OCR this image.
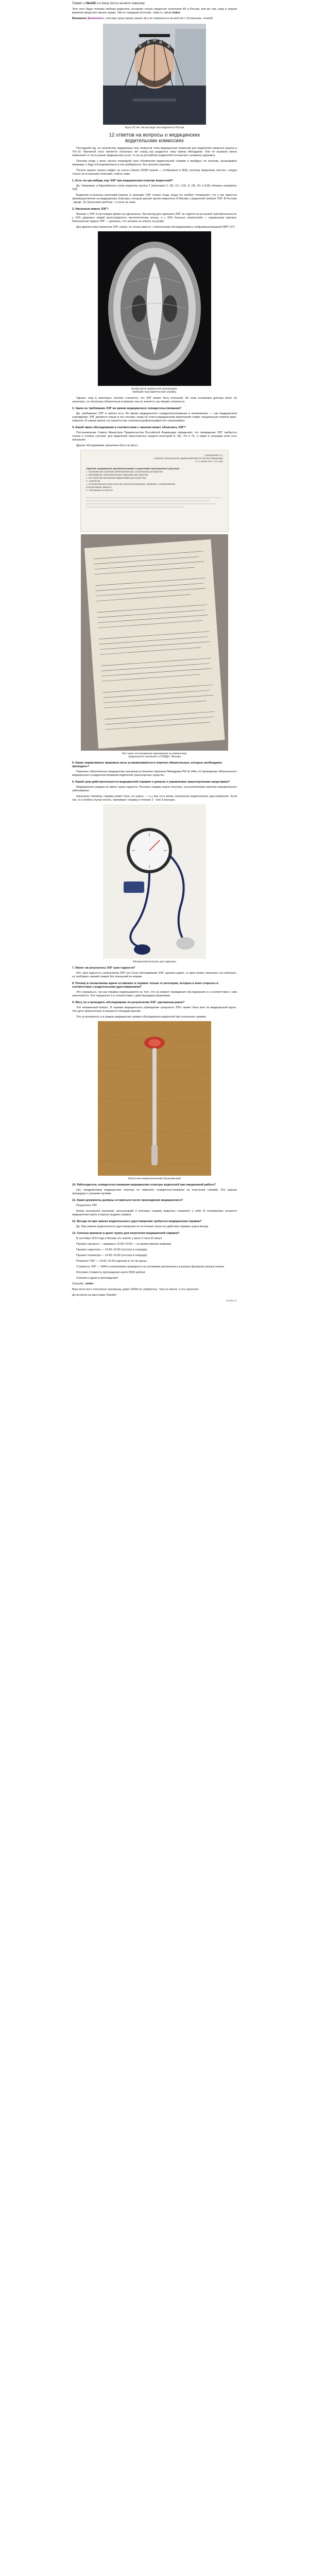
Привет, я NoAiD и я пишу посты на мото-тематику.

Этот пост будет полезен любому водителю, которому только предстоит получение ВУ в России, или же тем, кому в скором времени предстоит менять права. Уже по традиции источник - byke.ru, автор siskin.

Внимание! Длиннопост, поэтому сразу прошу нажать ⊖ и не отвлекаться на мой пост. Остальным - инжой)

Иуа в 35 лет так выглядят все водители в России
12 ответов на вопросы о медицинских
водительских комиссиях

Последний год, по количеству задаваемых мне вопросов тема медицинских комиссий для водителей уверенно вышла в Топ-10. Причиной этого является несколько лет назад как раздается тему приказ Минздрава. Они не вызвали явное изменение то ли на рынке медицинских услуг, то ли на российских водителей отношения к экзамену здоровья.

Поэтому когда у меня настал очередной срок обновления водительской справки я пройдусь по пунктам, касающимся проверки, и буду последовательно в них разбираться, без лишнего разлива.

Полное звание скорее пойдёт на статья (объем 22000 знаков — отображено в ЖЖ), поэтому предлагаю листать, следуя только за основными тезисами, ответы ниже.

1. Есть ли где-нибудь еще ЭЭГ при медицинском осмотре водителей?

Да. Например, в Европейском союзе водители группы 2 (категории C, CE, C1, C1E, D, DE, D1 и D1E) обязаны проверять ЭЭГ.

Водители остальных категорий (группа 1) проходят ЭЭГ только тогда, когда это требует специалист, что у нас известно преимущественно на медицинских осмотрах, которые делают врачи-неврологи. В Москве с водителей требуют ЭЭГ. В Ростове - вроде. За Уральским хребтом - я точно не знаю.

2. Насколько важно ЭЭГ?

Мнение о ЭЭГ в настоящее время не однозначно. Как метод для скрининга ЭЭГ не годится из-за низкой чувствительности: у 10% здоровых людей регистрируются патологические волны, а у 20% больных эпилепсией — нормальная картина. Изначальная задача ЭЭГ — доказать, что человек не опасен за рулём.

Для диагностики эпилепсии ЭЭГ нужна, но только вместе с клиническим обследованием и нейровизуализацией (МРТ, КТ).

Альфа-ритм правильной организации,
приведён под водительскую справку.

Однако, еще в некоторых случаях считается, что ЭЭГ может быть полезной. На этом основании доктора могут её назначать, но поскольку обязательна в приказе она не значится, вы вправе отказаться.

3. Закон не требование ЭЭГ во время медицинского освидетельствования?

Да, требование ЭЭГ в законе есть. Во время медицинского освидетельствования в поликлинике, — как медицинском учреждении, ЭЭГ делается только в тех случаях, когда об этом в медицинском заключении ставит специальную отметку врач-невролог. В самом законе это пишется как «электроэнцефалография (по показаниям)».

4. Какой закон обследования в соответствии с законом может объяснить ЭЭГ?

Постановление Совета Министров Правительства Российской Федерации определяет, что проведение ЭЭГ требуется только в особых случаях: для водителей транспортных средств категорий D, DE, Tm и Tb, а также в ситуации если есть показания.

Другие обследования назначены быть не могут.

Приложение № 1
к приказу Министерства здравоохранения Российской Федерации
от 15 июня 2015 г. № 344н
Перечень медицинских противопоказаний к управлению транспортным средством
1. Органические, включая симптоматические, психические расстройства
2. Шизофрения, шизотипические и бредовые расстройства
3. Расстройства настроения (аффективные расстройства)
4. Эпилепсия
5. Психические расстройства и расстройства поведения, связанные с употреблением
психоактивных веществ
6. Умственная отсталость
Вот такое постановление приложение на компьютере
предлагается заполнить в ГИБДД г. Москвы
5. Какие нормативные правовые акты устанавливаются в перечне обязательных, которые необходимы проходить?

Перечень обязательных медицинских анализов установлен приказом Минздрава РФ № 344н «О проведении обязательного медицинского освидетельствования водителей транспортных средств».

6. Какой срок действительности медицинской справки о допуске к управлению транспортными средствами?

Медицинская справка не имеет срока годности. Поэтому справку нужно получить, за исключением наличия определённого заболевания.

Насколько человеку справка может быть не нужна, — а у вас есть вновь полученное водительское удостоверение. Если так, то в любом случае понять, принимает справку в течение 2 - или 3 месяцев.

Аппаратный контроль для здоровья
7. Имеет ли результаты ЭЭГ срок годности?

Нет, срок годности у результатов ЭЭГ нет. Если обследование ЭЭГ сделано давно, то врач может назначить его повторно, но требовать свежий снимок без показаний не вправе.

8. Почему в поликлинике врачи оставляют в справке только те категории, которые в моих открыты в соответствии с водительским удостоверением?

Это нормально, так как справка подписывается из того, что на момент проведения обследования и в соответствии с ним заполняются. Это нормально и в соответствии с действующими правилами.

9. Могу ли я проходить обследование по результатам ЭЭГ, сделанным ранее?

Это неизменный вопрос. В справке медицинского учреждения «результат ЭЭГ» может быть взят из медицинской карты. Это дело практическое и решается лечащим врачом.

Это установленно и в рамках медицинских правил обследования водителей при получении справки.

Молоточек неврологический обыкновенный
10. Работодатель освидетельствования медицинские осмотры водителей при ежедневной работе?

Нет, предрейсовые медицинские осмотры не заменяют освидетельствование на получение справки. Это разные процедуры с разными целями.

11. Какие документы должны оставаться после прохождения медицинского?

Результаты ЭЭГ.

Копии нескольких анализов, консультаций и итоговую справку водитель сохраняет у себя. В поликлинике остаются медицинская карта и журнал выдачи справок.

12. Всегда ли при замене водительского удостоверения требуется медицинская справка?

Да. При замене водительского удостоверения по истечении срока его действия справка нужна всегда.

13. Сколько времени и денег нужно для получения медицинской справки?

В сентябре 2013 года в Москве это заняло у меня 3 часа 30 минут.

Прошёл окулиста — примерно 12:00–14:00 — на прием пришёл вовремя;

Прошёл нарколога — 14:00–14:30 (отстоял в очереди);

Прошёл психиатра — 14:30–15:00 (отстоял в очереди);

Результат ЭЭГ — 15:00–15:30 (сделали в тот же день);

Стоимость ЭЭГ — 3940 в поликлинике проводятся на основании расписания и в разных филиалах разных клиник.

Итоговая стоимость прохождения около 5000 рублей.

Успехов и удачи в прохождении!

Спасибо, siskin

Ваш мото-пост получился огромным, даже 10000 не набралось. Тем не менее, я его закончил.

До встречи на просторах Пикабу!

pikabu.ru
